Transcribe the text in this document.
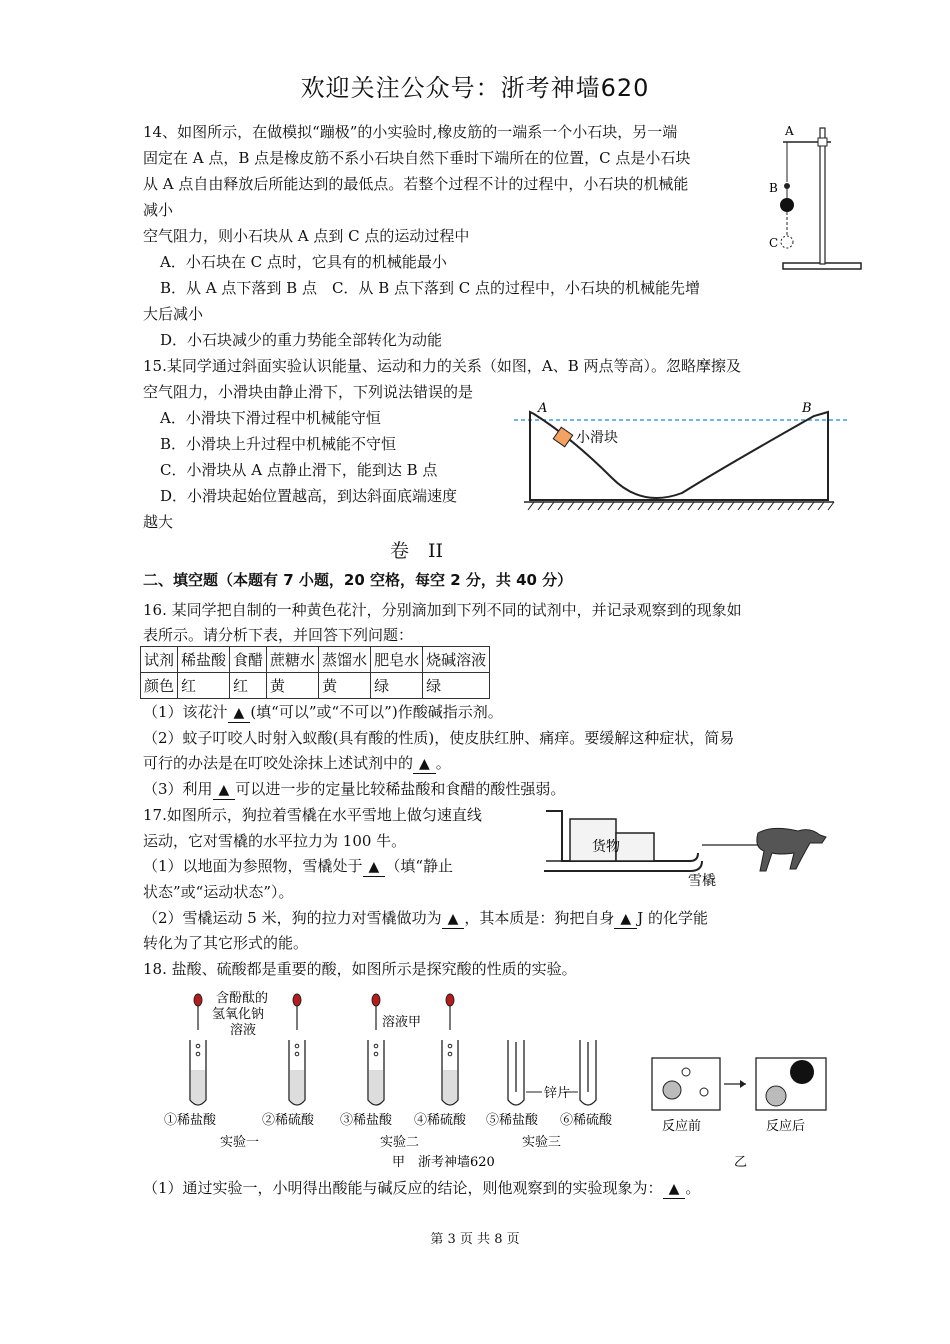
欢迎关注公众号：浙考神墙620
14、如图所示，在做模拟“蹦极”的小实验时,橡皮筋的一端系一个小石块，另一端
固定在 A 点，B 点是橡皮筋不系小石块自然下垂时下端所在的位置，C 点是小石块
从 A 点自由释放后所能达到的最低点。若整个过程不计的过程中，小石块的机械能
减小
空气阻力，则小石块从 A 点到 C 点的运动过程中
A．小石块在 C 点时，它具有的机械能最小
B．从 A 点下落到 B 点　C．从 B 点下落到 C 点的过程中，小石块的机械能先增
大后减小
D．小石块减少的重力势能全部转化为动能
A
B
C
15.某同学通过斜面实验认识能量、运动和力的关系（如图，A、B 两点等高）。忽略摩擦及
空气阻力，小滑块由静止滑下，下列说法错误的是
A．小滑块下滑过程中机械能守恒
B．小滑块上升过程中机械能不守恒
C．小滑块从 A 点静止滑下，能到达 B 点
D．小滑块起始位置越高，到达斜面底端速度
越大
A	B
小滑块
卷　II
二、填空题（本题有 7 小题，20 空格，每空 2 分，共 40 分）
16. 某同学把自制的一种黄色花汁，分别滴加到下列不同的试剂中，并记录观察到的现象如
表所示。请分析下表，并回答下列问题：
试剂	稀盐酸	食醋	蔗糖水	蒸馏水	肥皂水	烧碱溶液
颜色	红	红	黄	黄	绿	绿
（1）该花汁 ▲ (填“可以”或“不可以”)作酸碱指示剂。
（2）蚊子叮咬人时射入蚁酸(具有酸的性质)，使皮肤红肿、痛痒。要缓解这种症状，简易
可行的办法是在叮咬处涂抹上述试剂中的 ▲ 。
（3）利用 ▲ 可以进一步的定量比较稀盐酸和食醋的酸性强弱。
17.如图所示，狗拉着雪橇在水平雪地上做匀速直线
运动，它对雪橇的水平拉力为 100 牛。
（1）以地面为参照物，雪橇处于 ▲ （填“静止
状态”或“运动状态”）。
（2）雪橇运动 5 米，狗的拉力对雪橇做功为 ▲ ，其本质是：狗把自身 ▲ J 的化学能
转化为了其它形式的能。
货物
雪橇
18. 盐酸、硫酸都是重要的酸，如图所示是探究酸的性质的实验。
含酚酞的
氢氧化钠
溶液
溶液甲
锌片
①稀盐酸	②稀硫酸 ③稀盐酸 ④稀硫酸 ⑤稀盐酸 ⑥稀硫酸
实验一	实验二	实验三
甲　浙考神墙620
反应前	反应后
乙
（1）通过实验一，小明得出酸能与碱反应的结论，则他观察到的实验现象为： ▲ 。
第 3 页 共 8 页
